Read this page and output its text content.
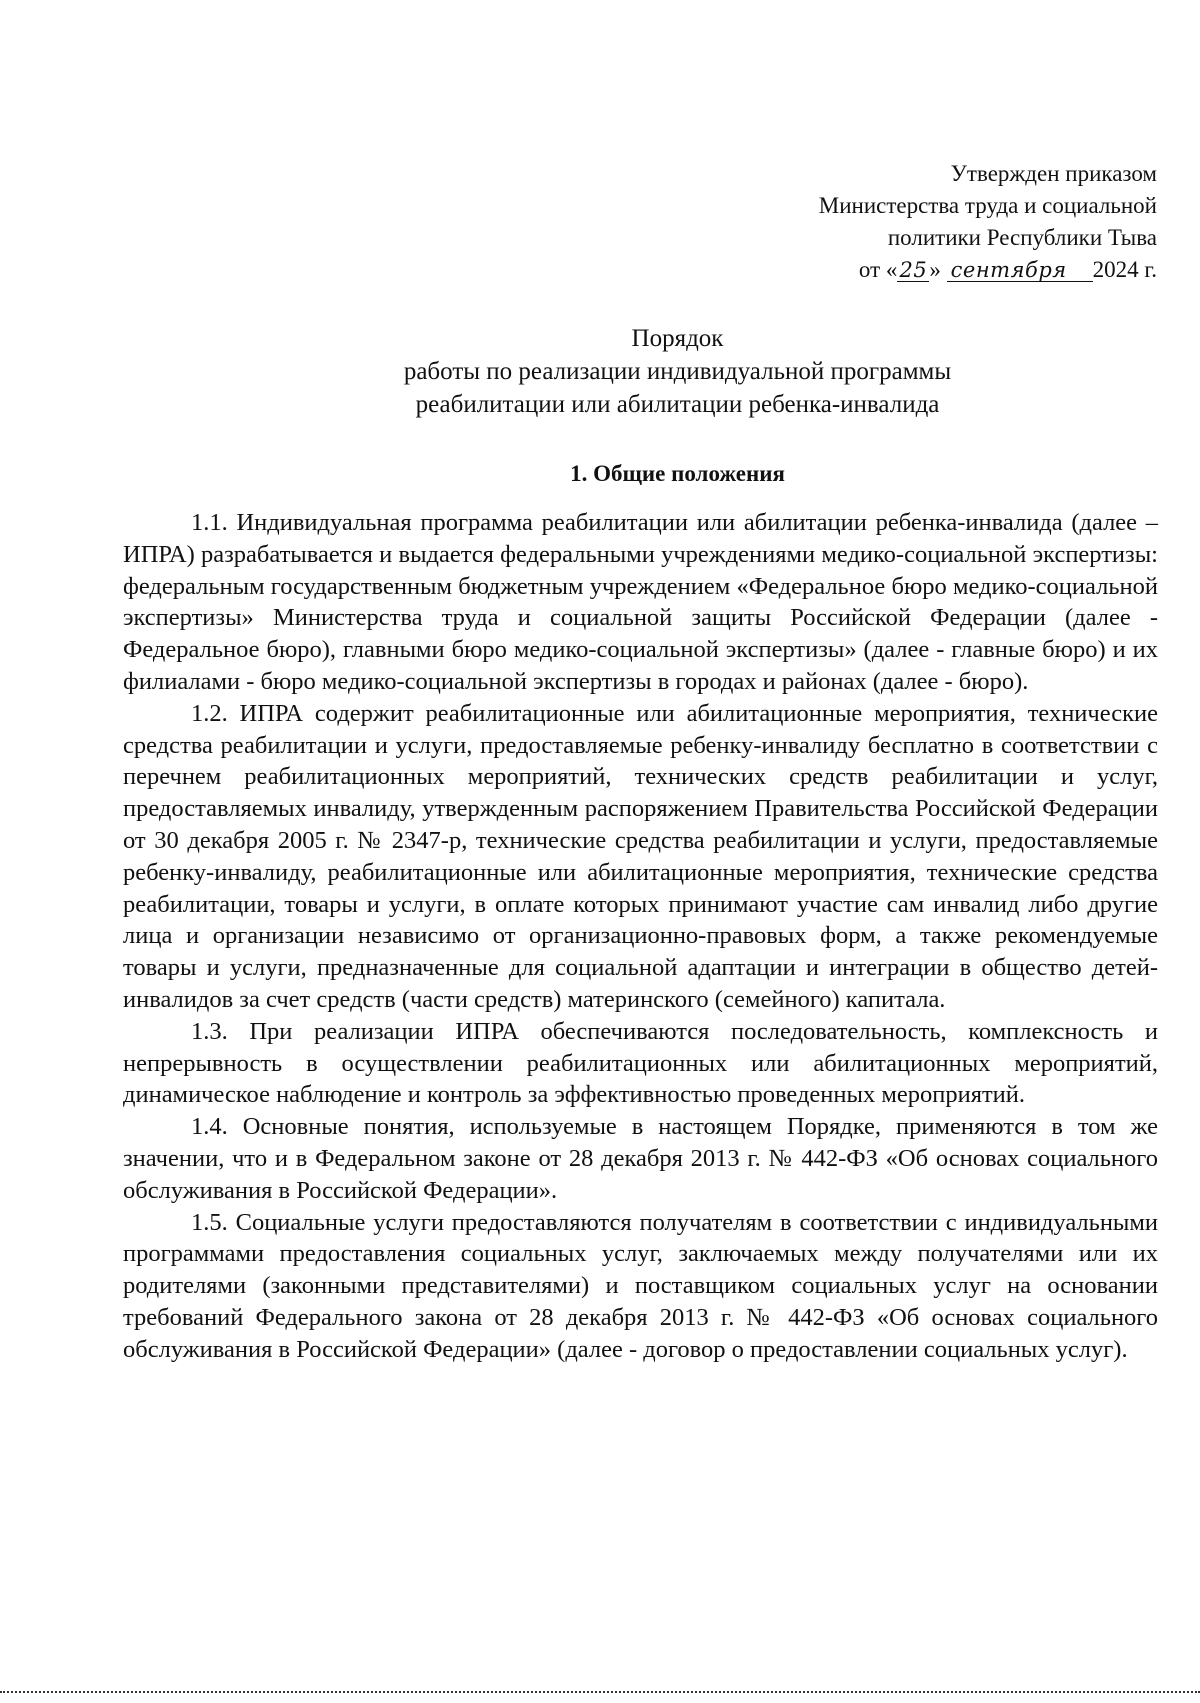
Утвержден приказом
Министерства труда и социальной
политики Республики Тыва
от « 25» сентября 2024 г.
Порядок
работы по реализации индивидуальной программы
реабилитации или абилитации ребенка-инвалида
1. Общие положения

1.1. Индивидуальная программа реабилитации или абилитации ребенка-инвалида (далее – ИПРА) разрабатывается и выдается федеральными учреждениями медико-социальной экспертизы: федеральным государственным бюджетным учреждением «Федеральное бюро медико-социальной экспертизы» Министерства труда и социальной защиты Российской Федерации (далее - Федеральное бюро), главными бюро медико-социальной экспертизы» (далее - главные бюро) и их филиалами - бюро медико-социальной экспертизы в городах и районах (далее - бюро).

1.2. ИПРА содержит реабилитационные или абилитационные мероприятия, технические средства реабилитации и услуги, предоставляемые ребенку-инвалиду бесплатно в соответствии с перечнем реабилитационных мероприятий, технических средств реабилитации и услуг, предоставляемых инвалиду, утвержденным распоряжением Правительства Российской Федерации от 30 декабря 2005 г. № 2347-р, технические средства реабилитации и услуги, предоставляемые ребенку-инвалиду, реабилитационные или абилитационные мероприятия, технические средства реабилитации, товары и услуги, в оплате которых принимают участие сам инвалид либо другие лица и организации независимо от организационно-правовых форм, а также рекомендуемые товары и услуги, предназначенные для социальной адаптации и интеграции в общество детей-инвалидов за счет средств (части средств) материнского (семейного) капитала.

1.3. При реализации ИПРА обеспечиваются последовательность, комплексность и непрерывность в осуществлении реабилитационных или абилитационных мероприятий, динамическое наблюдение и контроль за эффективностью проведенных мероприятий.

1.4. Основные понятия, используемые в настоящем Порядке, применяются в том же значении, что и в Федеральном законе от 28 декабря 2013 г. № 442-ФЗ «Об основах социального обслуживания в Российской Федерации».

1.5. Социальные услуги предоставляются получателям в соответствии с индивидуальными программами предоставления социальных услуг, заключаемых между получателями или их родителями (законными представителями) и поставщиком социальных услуг на основании требований Федерального закона от 28 декабря 2013 г. № 442-ФЗ «Об основах социального обслуживания в Российской Федерации» (далее - договор о предоставлении социальных услуг).
